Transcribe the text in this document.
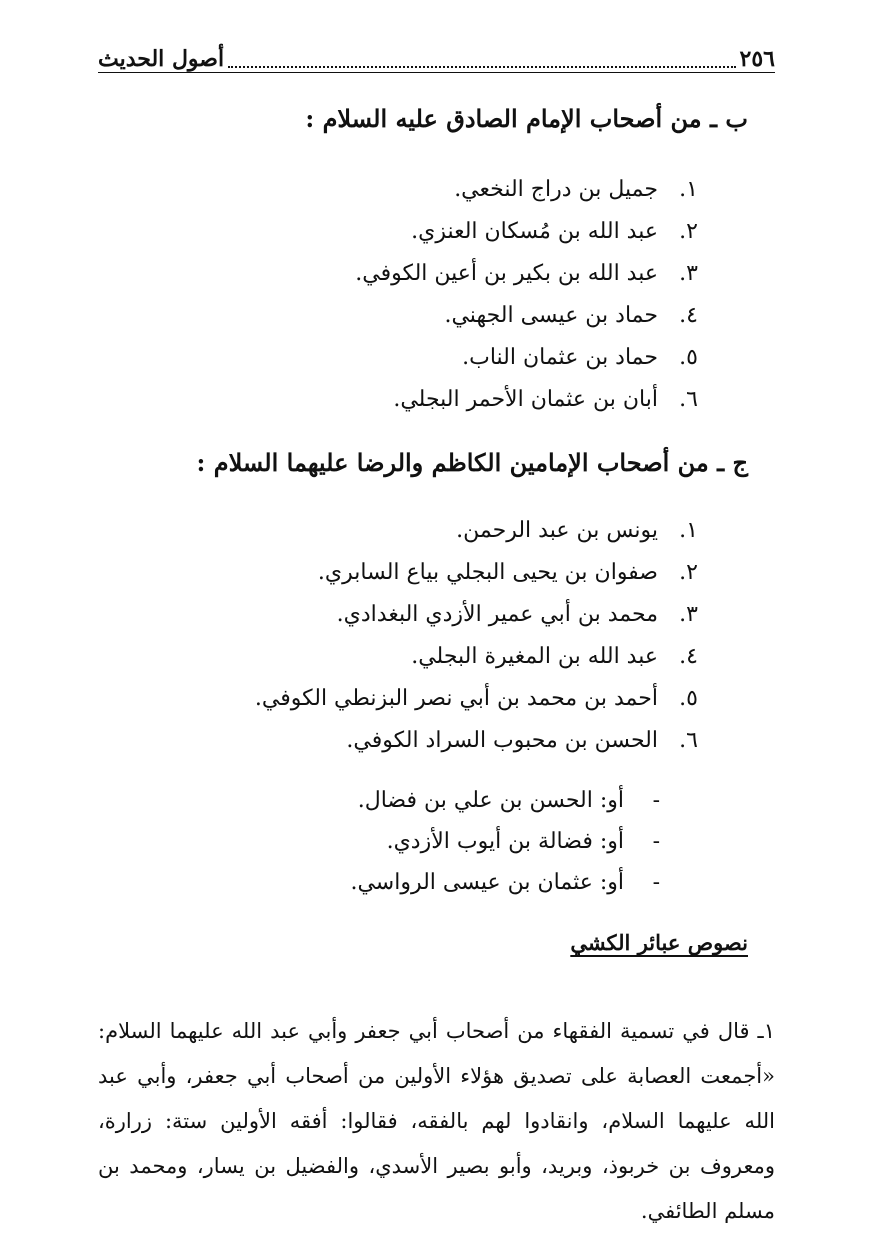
٢٥٦
أصول الحديث
ب ـ من أصحاب الإمام الصادق عليه السلام :
١.
جميل بن دراج النخعي.
٢.
عبد الله بن مُسكان العنزي.
٣.
عبد الله بن بكير بن أعين الكوفي.
٤.
حماد بن عيسى الجهني.
٥.
حماد بن عثمان الناب.
٦.
أبان بن عثمان الأحمر البجلي.
ج ـ من أصحاب الإمامين الكاظم والرضا عليهما السلام :
١.
يونس بن عبد الرحمن.
٢.
صفوان بن يحيى البجلي بياع السابري.
٣.
محمد بن أبي عمير الأزدي البغدادي.
٤.
عبد الله بن المغيرة البجلي.
٥.
أحمد بن محمد بن أبي نصر البزنطي الكوفي.
٦.
الحسن بن محبوب السراد الكوفي.
-
أو: الحسن بن علي بن فضال.
-
أو: فضالة بن أيوب الأزدي.
-
أو: عثمان بن عيسى الرواسي.
نصوص عبائر الكشي

١ـ قال في تسمية الفقهاء من أصحاب أبي جعفر وأبي عبد الله عليهما السلام: «أجمعت العصابة على تصديق هؤلاء الأولين من أصحاب أبي جعفر، وأبي عبد الله عليهما السلام، وانقادوا لهم بالفقه، فقالوا: أفقه الأولين ستة: زرارة، ومعروف بن خربوذ، وبريد، وأبو بصير الأسدي، والفضيل بن يسار، ومحمد بن مسلم الطائفي.
